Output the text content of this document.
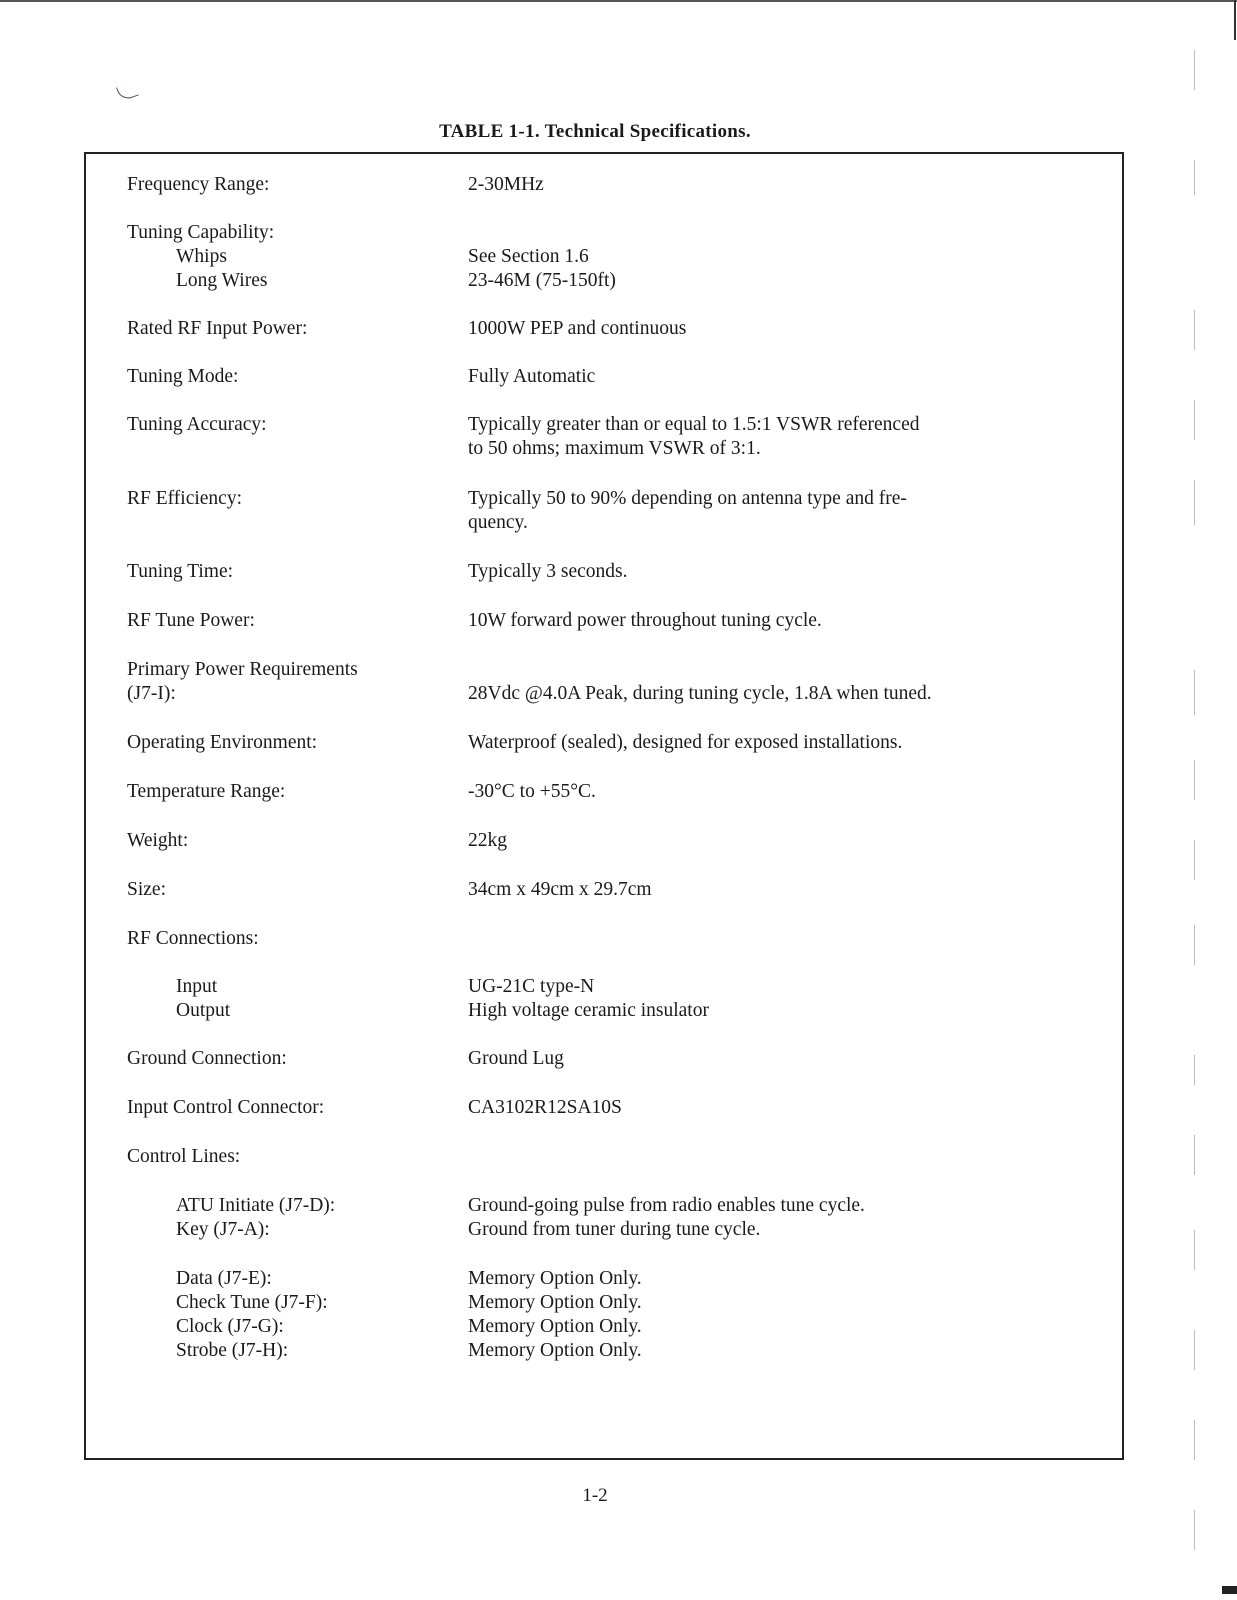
TABLE 1-1. Technical Specifications.
Frequency Range:	2-30MHz
Tuning Capability:
Whips	See Section 1.6
Long Wires	23-46M (75-150ft)
Rated RF Input Power:	1000W PEP and continuous
Tuning Mode:	Fully Automatic
Tuning Accuracy:	Typically greater than or equal to 1.5:1 VSWR referenced
to 50 ohms; maximum VSWR of 3:1.
RF Efficiency:	Typically 50 to 90% depending on antenna type and fre-
quency.
Tuning Time:	Typically 3 seconds.
RF Tune Power:	10W forward power throughout tuning cycle.
Primary Power Requirements
(J7-I):	28Vdc @4.0A Peak, during tuning cycle, 1.8A when tuned.
Operating Environment:	Waterproof (sealed), designed for exposed installations.
Temperature Range:	-30°C to +55°C.
Weight:	22kg
Size:	34cm x 49cm x 29.7cm
RF Connections:
Input	UG-21C type-N
Output	High voltage ceramic insulator
Ground Connection:	Ground Lug
Input Control Connector:	CA3102R12SA10S
Control Lines:
ATU Initiate (J7-D):	Ground-going pulse from radio enables tune cycle.
Key (J7-A):	Ground from tuner during tune cycle.
Data (J7-E):	Memory Option Only.
Check Tune (J7-F):	Memory Option Only.
Clock (J7-G):	Memory Option Only.
Strobe (J7-H):	Memory Option Only.
1-2
